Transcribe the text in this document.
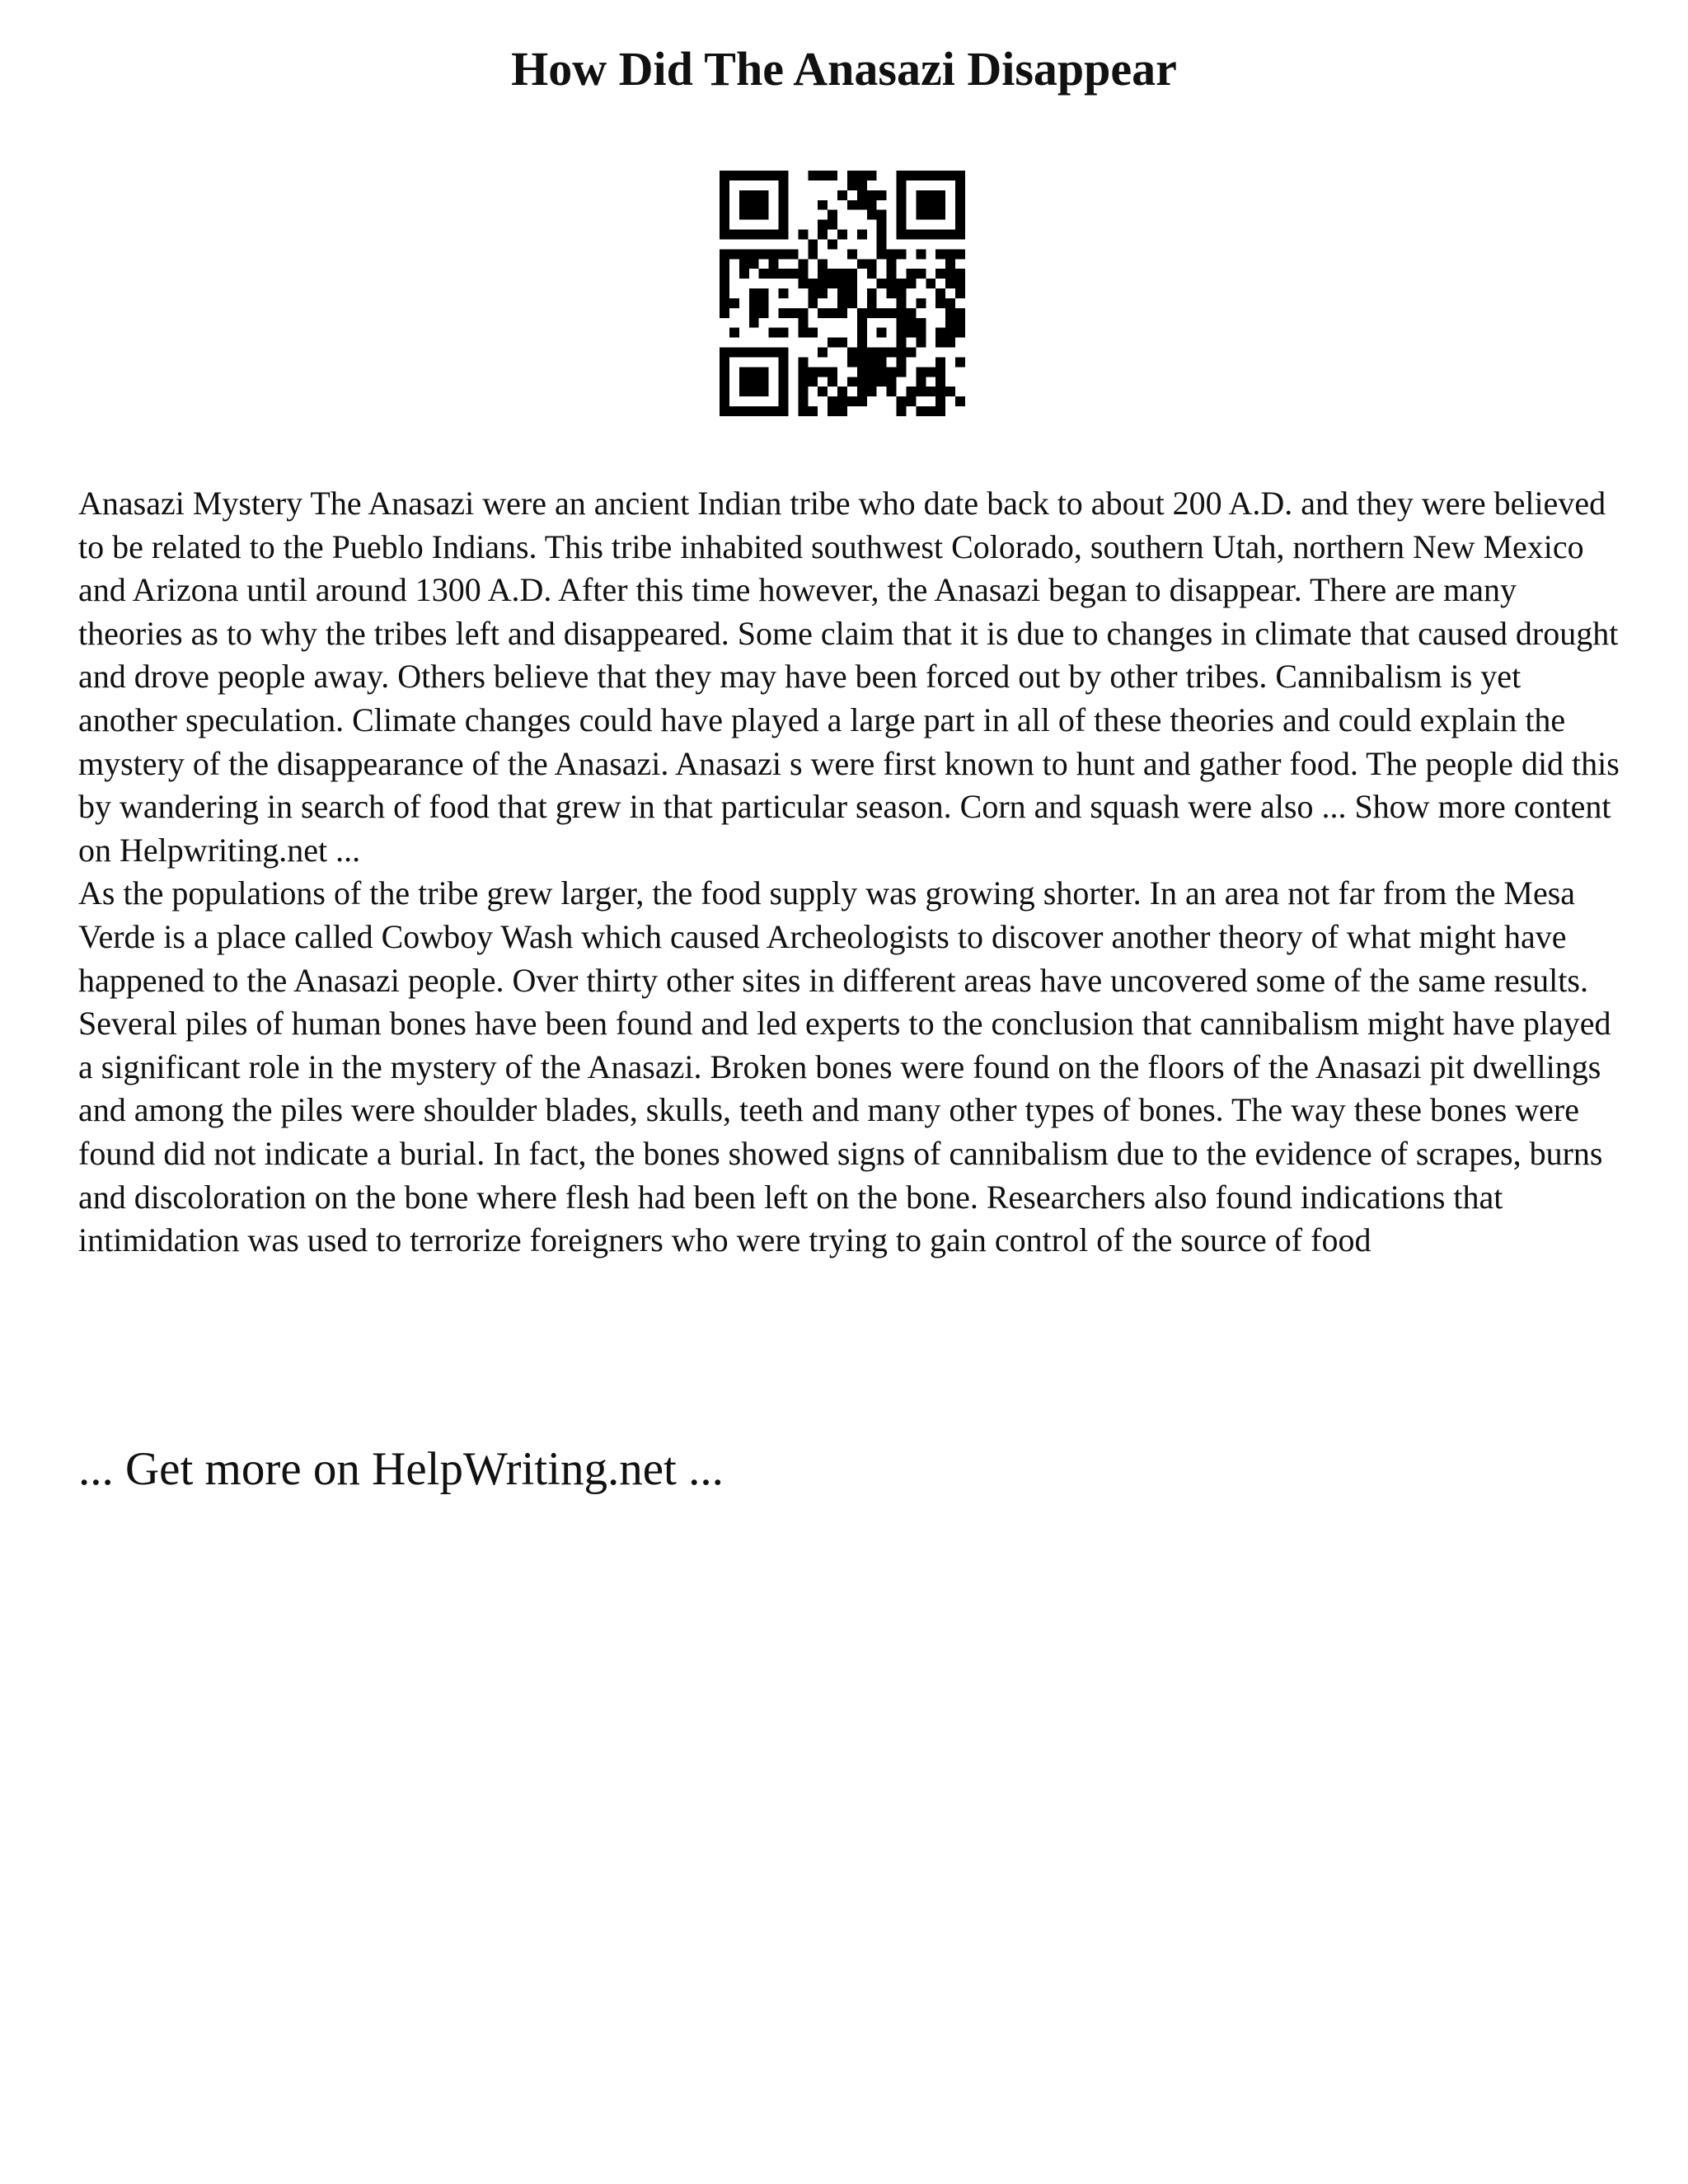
How Did The Anasazi Disappear

Anasazi Mystery The Anasazi were an ancient Indian tribe who date back to about 200 A.D. and they were believed to be related to the Pueblo Indians. This tribe inhabited southwest Colorado, southern Utah, northern New Mexico and Arizona until around 1300 A.D. After this time however, the Anasazi began to disappear. There are many theories as to why the tribes left and disappeared. Some claim that it is due to changes in climate that caused drought and drove people away. Others believe that they may have been forced out by other tribes. Cannibalism is yet another speculation. Climate changes could have played a large part in all of these theories and could explain the mystery of the disappearance of the Anasazi. Anasazi s were first known to hunt and gather food. The people did this by wandering in search of food that grew in that particular season. Corn and squash were also ... Show more content on Helpwriting.net ...

As the populations of the tribe grew larger, the food supply was growing shorter. In an area not far from the Mesa Verde is a place called Cowboy Wash which caused Archeologists to discover another theory of what might have happened to the Anasazi people. Over thirty other sites in different areas have uncovered some of the same results. Several piles of human bones have been found and led experts to the conclusion that cannibalism might have played a significant role in the mystery of the Anasazi. Broken bones were found on the floors of the Anasazi pit dwellings and among the piles were shoulder blades, skulls, teeth and many other types of bones. The way these bones were found did not indicate a burial. In fact, the bones showed signs of cannibalism due to the evidence of scrapes, burns and discoloration on the bone where flesh had been left on the bone. Researchers also found indications that intimidation was used to terrorize foreigners who were trying to gain control of the source of food

... Get more on HelpWriting.net ...
